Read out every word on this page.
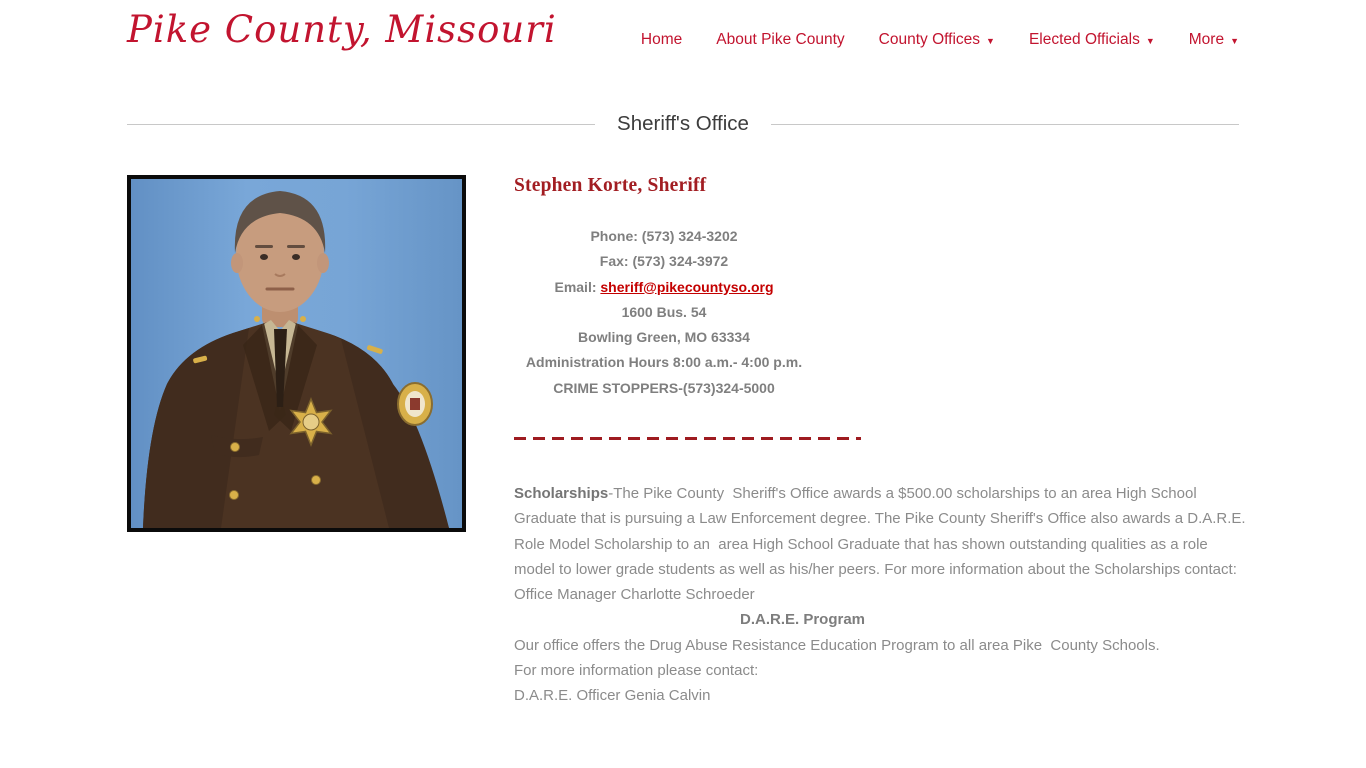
Pike County, Missouri	Home About Pike County County Offices ▼ Elected Officials ▼ More ▼
Sheriff's Office
Stephen Korte, Sheriff
Phone: (573) 324-3202
Fax: (573) 324-3972
Email: sheriff@pikecountyso.org
1600 Bus. 54
Bowling Green, MO 63334
Administration Hours 8:00 a.m.- 4:00 p.m.
CRIME STOPPERS-(573)324-5000

Scholarships-The Pike County  Sheriff's Office awards a $500.00 scholarships to an area High School Graduate that is pursuing a Law Enforcement degree. The Pike County Sheriff's Office also awards a D.A.R.E. Role Model Scholarship to an  area High School Graduate that has shown outstanding qualities as a role  model to lower grade students as well as his/her peers. For more information about the Scholarships contact:

Office Manager Charlotte Schroeder

D.A.R.E. Program

Our office offers the Drug Abuse Resistance Education Program to all area Pike  County Schools.

For more information please contact:

D.A.R.E. Officer Genia Calvin
